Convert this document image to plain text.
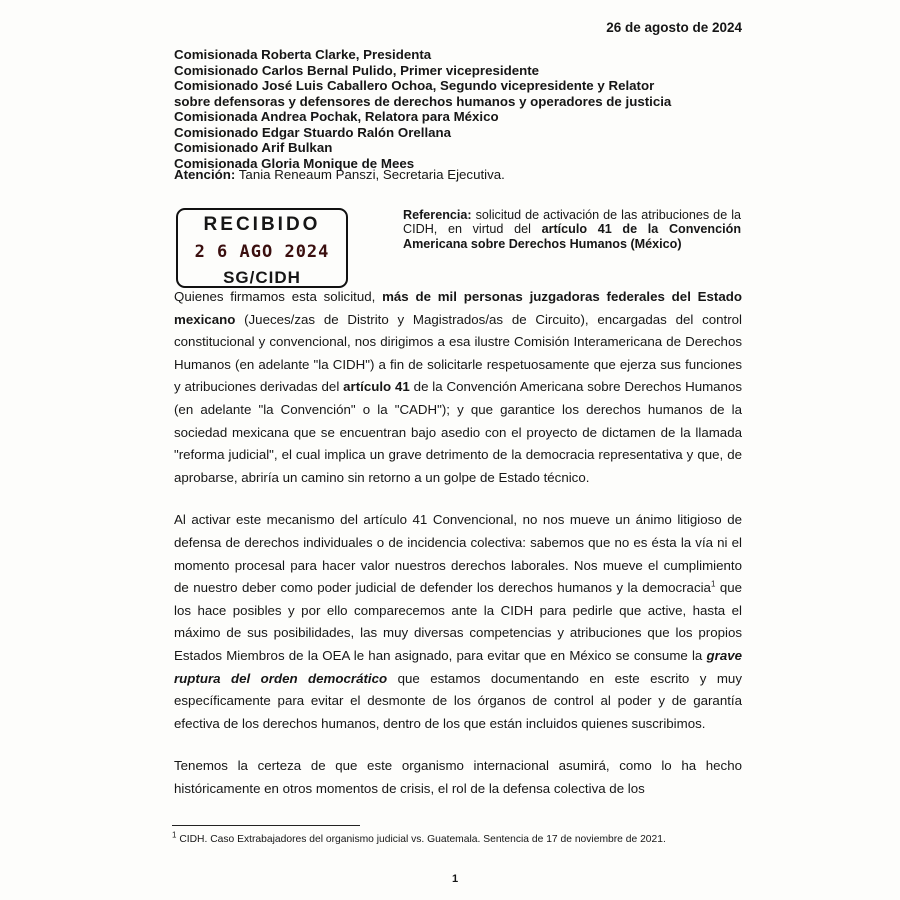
26 de agosto de 2024
Comisionada Roberta Clarke, Presidenta
Comisionado Carlos Bernal Pulido, Primer vicepresidente
Comisionado José Luis Caballero Ochoa, Segundo vicepresidente y Relator
sobre defensoras y defensores de derechos humanos y operadores de justicia
Comisionada Andrea Pochak, Relatora para México
Comisionado Edgar Stuardo Ralón Orellana
Comisionado Arif Bulkan
Comisionada Gloria Monique de Mees
Atención: Tania Reneaum Panszi, Secretaria Ejecutiva.
RECIBIDO
2 6 AGO 2024
SG/CIDH
Referencia: solicitud de activación de las atribuciones de la CIDH, en virtud del artículo 41 de la Convención Americana sobre Derechos Humanos (México)

Quienes firmamos esta solicitud, más de mil personas juzgadoras federales del Estado mexicano (Jueces/zas de Distrito y Magistrados/as de Circuito), encargadas del control constitucional y convencional, nos dirigimos a esa ilustre Comisión Interamericana de Derechos Humanos (en adelante "la CIDH") a fin de solicitarle respetuosamente que ejerza sus funciones y atribuciones derivadas del artículo 41 de la Convención Americana sobre Derechos Humanos (en adelante "la Convención" o la "CADH"); y que garantice los derechos humanos de la sociedad mexicana que se encuentran bajo asedio con el proyecto de dictamen de la llamada "reforma judicial", el cual implica un grave detrimento de la democracia representativa y que, de aprobarse, abriría un camino sin retorno a un golpe de Estado técnico.

Al activar este mecanismo del artículo 41 Convencional, no nos mueve un ánimo litigioso de defensa de derechos individuales o de incidencia colectiva: sabemos que no es ésta la vía ni el momento procesal para hacer valor nuestros derechos laborales. Nos mueve el cumplimiento de nuestro deber como poder judicial de defender los derechos humanos y la democracia$^1$ que los hace posibles y por ello comparecemos ante la CIDH para pedirle que active, hasta el máximo de sus posibilidades, las muy diversas competencias y atribuciones que los propios Estados Miembros de la OEA le han asignado, para evitar que en México se consume la grave ruptura del orden democrático que estamos documentando en este escrito y muy específicamente para evitar el desmonte de los órganos de control al poder y de garantía efectiva de los derechos humanos, dentro de los que están incluidos quienes suscribimos.

Tenemos la certeza de que este organismo internacional asumirá, como lo ha hecho históricamente en otros momentos de crisis, el rol de la defensa colectiva de los

$^1$ CIDH. Caso Extrabajadores del organismo judicial vs. Guatemala. Sentencia de 17 de noviembre de 2021.
1
